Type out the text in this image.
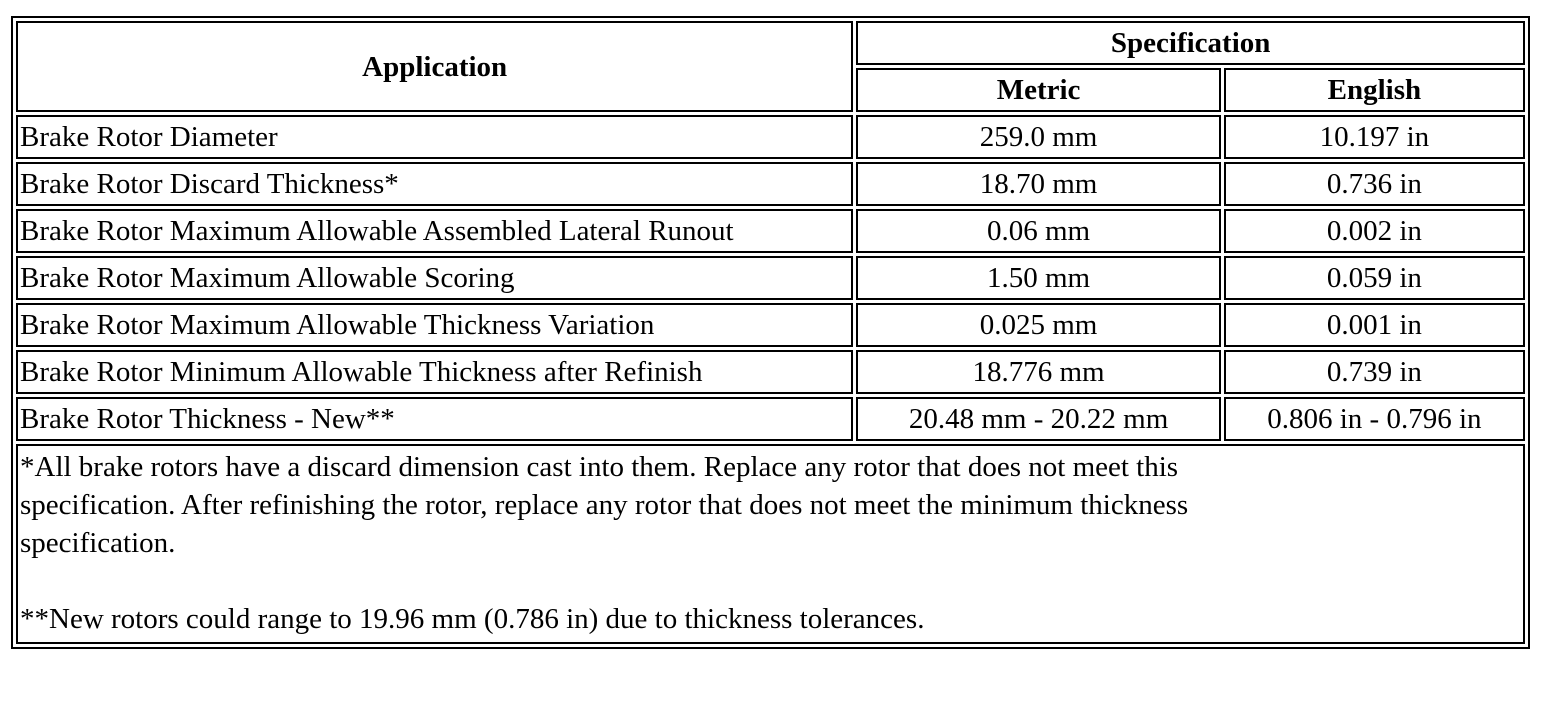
Application	Specification	
	Metric	English
Brake Rotor Diameter	259.0 mm	10.197 in
Brake Rotor Discard Thickness*	18.70 mm	0.736 in
Brake Rotor Maximum Allowable Assembled Lateral Runout	0.06 mm	0.002 in
Brake Rotor Maximum Allowable Scoring	1.50 mm	0.059 in
Brake Rotor Maximum Allowable Thickness Variation	0.025 mm	0.001 in
Brake Rotor Minimum Allowable Thickness after Refinish	18.776 mm	0.739 in
Brake Rotor Thickness - New**	20.48 mm - 20.22 mm	0.806 in - 0.796 in

*All brake rotors have a discard dimension cast into them. Replace any rotor that does not meet this
specification. After refinishing the rotor, replace any rotor that does not meet the minimum thickness
specification.
**New rotors could range to 19.96 mm (0.786 in) due to thickness tolerances.		
